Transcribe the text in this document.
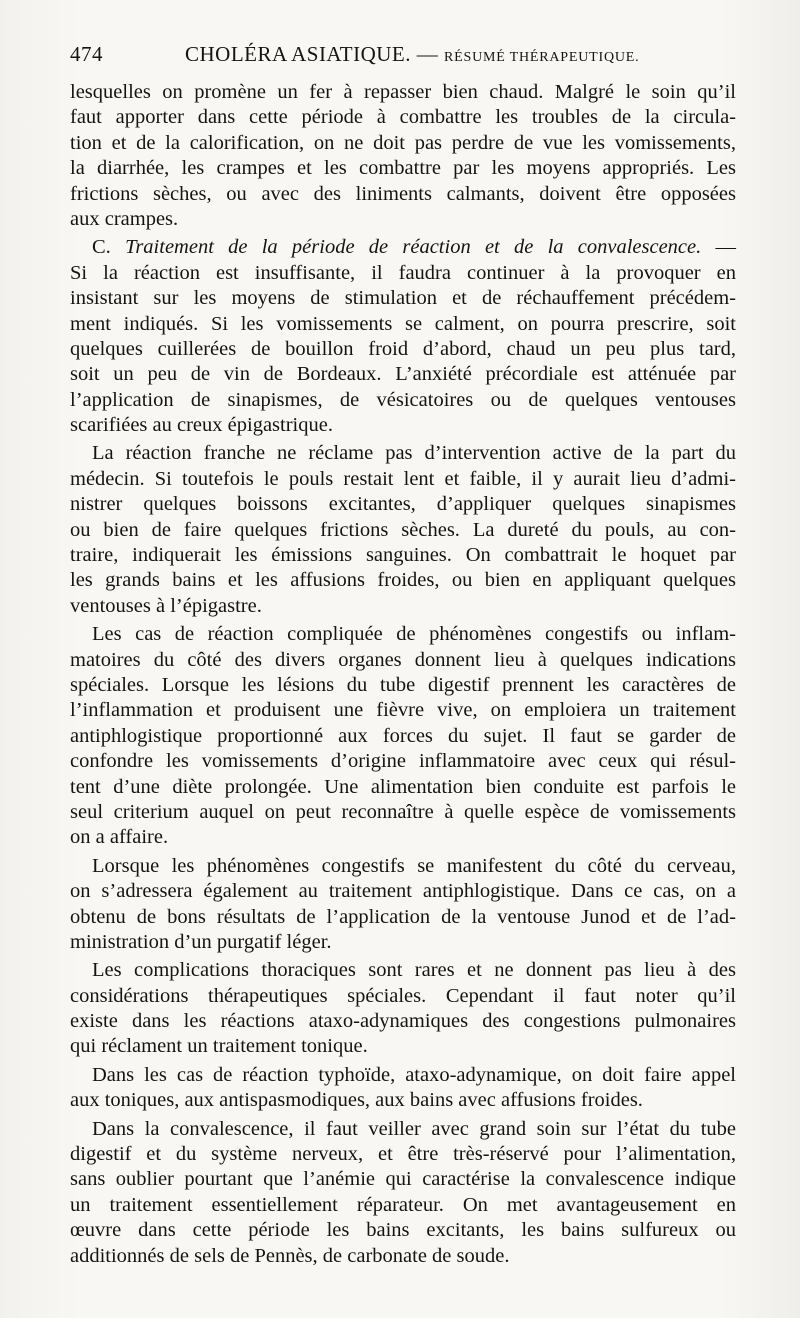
474	CHOLÉRA ASIATIQUE. — RÉSUMÉ THÉRAPEUTIQUE.
lesquelles on promène un fer à repasser bien chaud. Malgré le soin qu’il
faut apporter dans cette période à combattre les troubles de la circula-
tion et de la calorification, on ne doit pas perdre de vue les vomissements,
la diarrhée, les crampes et les combattre par les moyens appropriés. Les
frictions sèches, ou avec des liniments calmants, doivent être opposées
aux crampes.
C. Traitement de la période de réaction et de la convalescence. —
Si la réaction est insuffisante, il faudra continuer à la provoquer en
insistant sur les moyens de stimulation et de réchauffement précédem-
ment indiqués. Si les vomissements se calment, on pourra prescrire, soit
quelques cuillerées de bouillon froid d’abord, chaud un peu plus tard,
soit un peu de vin de Bordeaux. L’anxiété précordiale est atténuée par
l’application de sinapismes, de vésicatoires ou de quelques ventouses
scarifiées au creux épigastrique.
La réaction franche ne réclame pas d’intervention active de la part du
médecin. Si toutefois le pouls restait lent et faible, il y aurait lieu d’admi-
nistrer quelques boissons excitantes, d’appliquer quelques sinapismes
ou bien de faire quelques frictions sèches. La dureté du pouls, au con-
traire, indiquerait les émissions sanguines. On combattrait le hoquet par
les grands bains et les affusions froides, ou bien en appliquant quelques
ventouses à l’épigastre.
Les cas de réaction compliquée de phénomènes congestifs ou inflam-
matoires du côté des divers organes donnent lieu à quelques indications
spéciales. Lorsque les lésions du tube digestif prennent les caractères de
l’inflammation et produisent une fièvre vive, on emploiera un traitement
antiphlogistique proportionné aux forces du sujet. Il faut se garder de
confondre les vomissements d’origine inflammatoire avec ceux qui résul-
tent d’une diète prolongée. Une alimentation bien conduite est parfois le
seul criterium auquel on peut reconnaître à quelle espèce de vomissements
on a affaire.
Lorsque les phénomènes congestifs se manifestent du côté du cerveau,
on s’adressera également au traitement antiphlogistique. Dans ce cas, on a
obtenu de bons résultats de l’application de la ventouse Junod et de l’ad-
ministration d’un purgatif léger.
Les complications thoraciques sont rares et ne donnent pas lieu à des
considérations thérapeutiques spéciales. Cependant il faut noter qu’il
existe dans les réactions ataxo-adynamiques des congestions pulmonaires
qui réclament un traitement tonique.
Dans les cas de réaction typhoïde, ataxo-adynamique, on doit faire appel
aux toniques, aux antispasmodiques, aux bains avec affusions froides.
Dans la convalescence, il faut veiller avec grand soin sur l’état du tube
digestif et du système nerveux, et être très-réservé pour l’alimentation,
sans oublier pourtant que l’anémie qui caractérise la convalescence indique
un traitement essentiellement réparateur. On met avantageusement en
œuvre dans cette période les bains excitants, les bains sulfureux ou
additionnés de sels de Pennès, de carbonate de soude.
